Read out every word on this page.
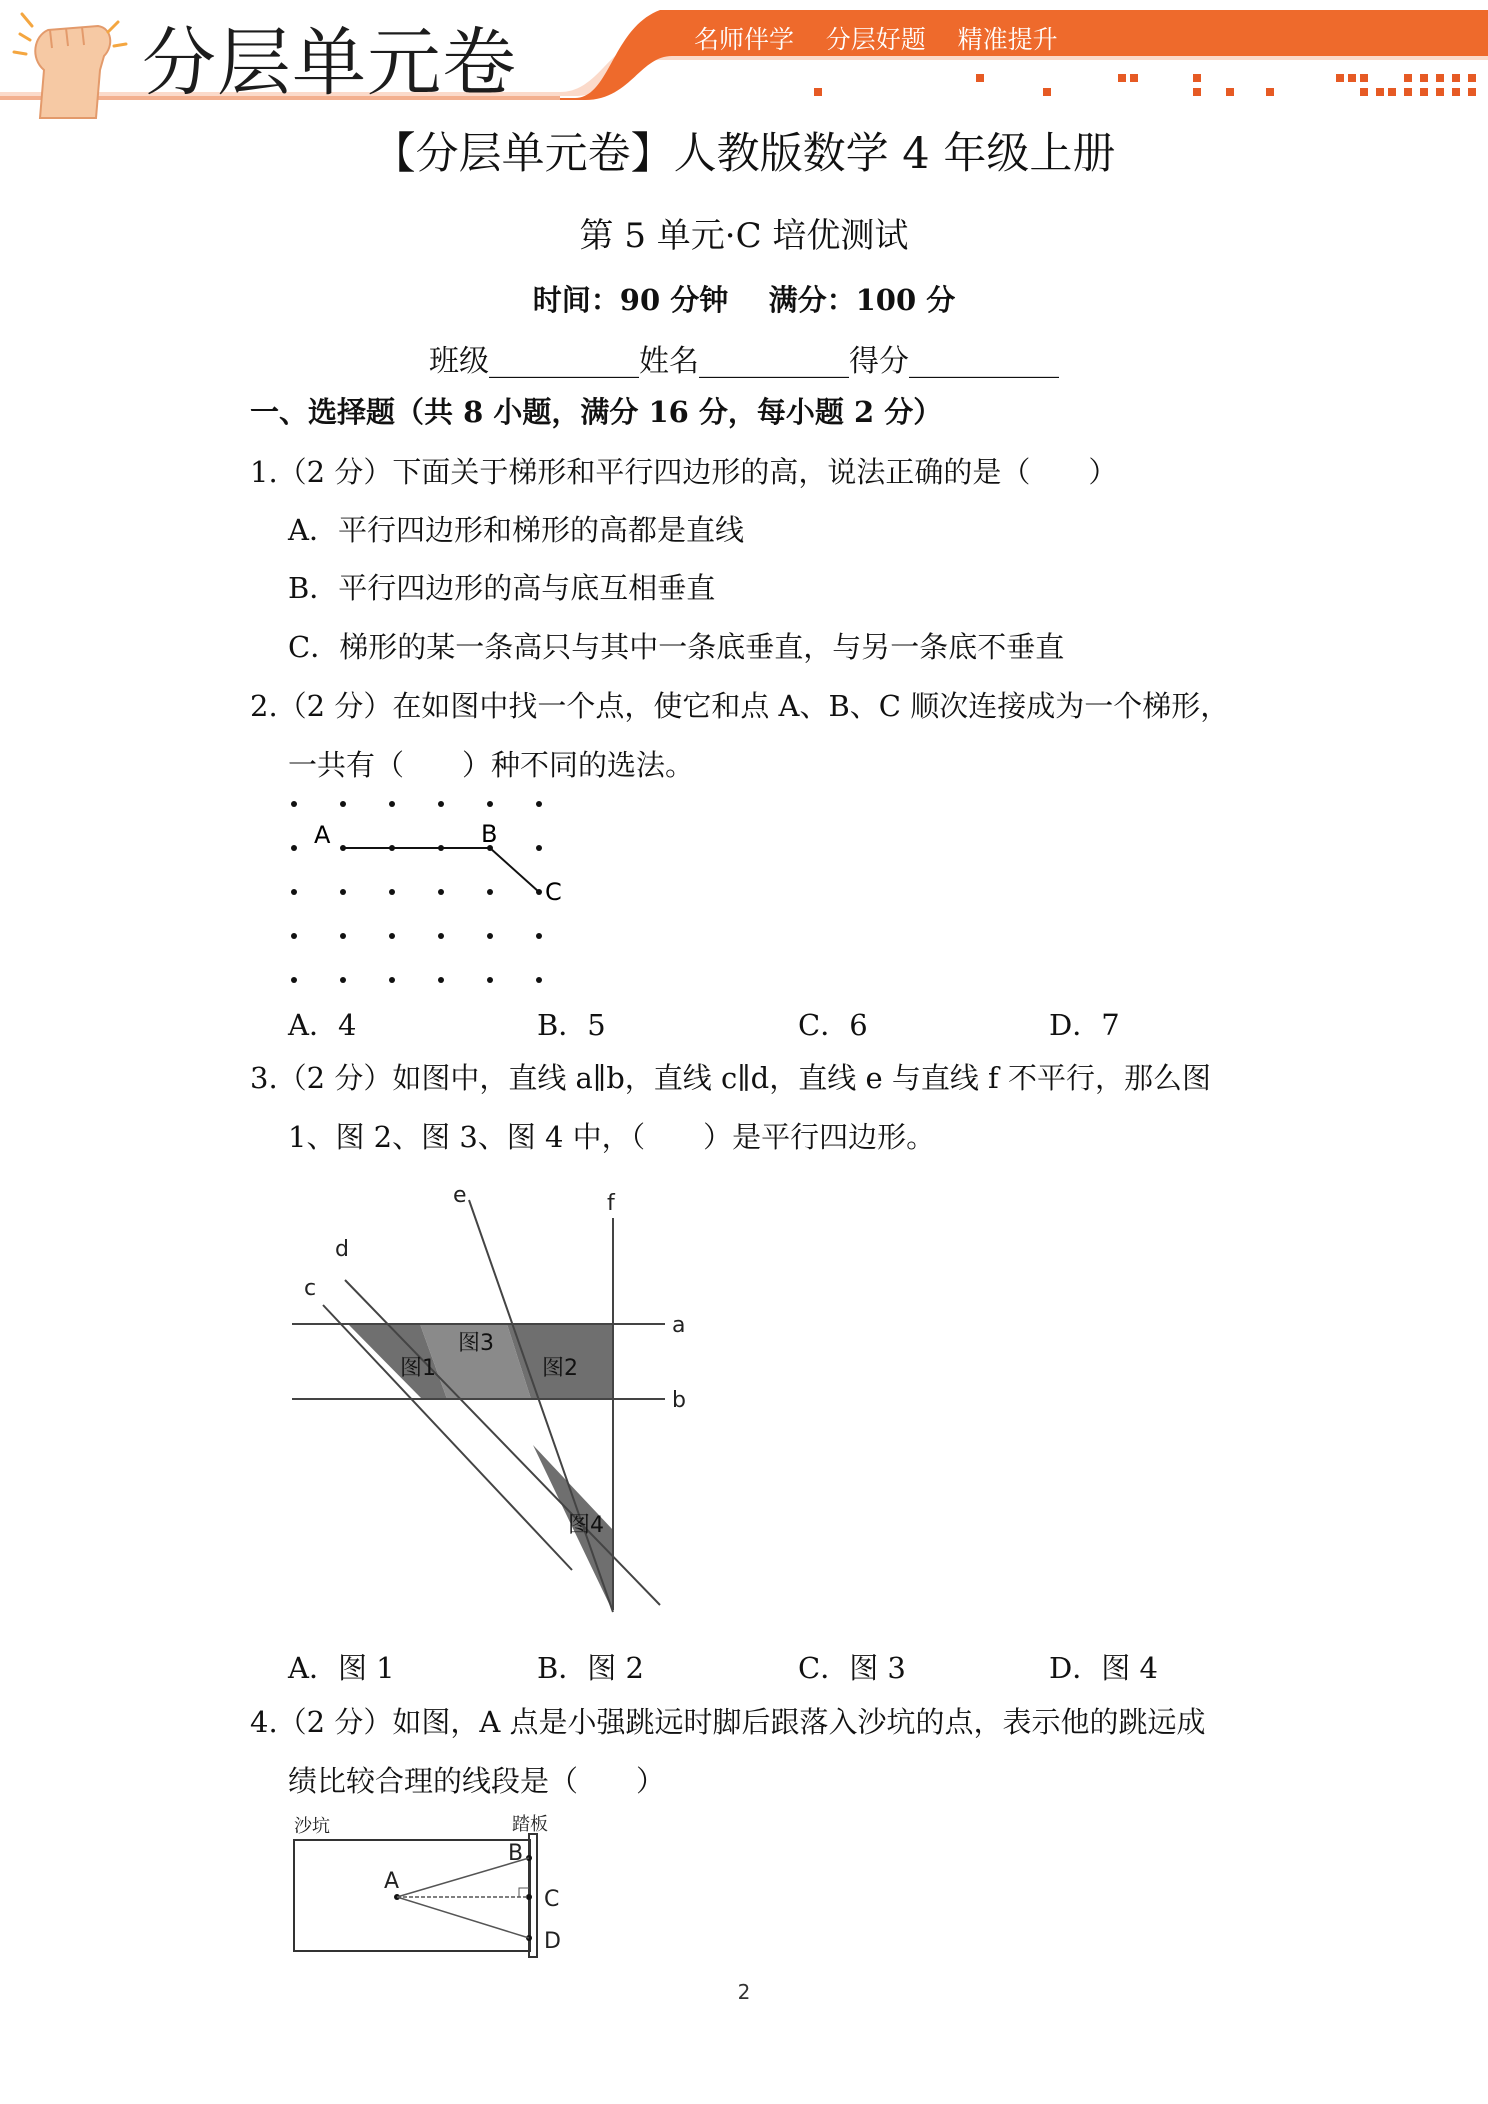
分层单元卷	名师伴学    分层好题    精准提升
【分层单元卷】人教版数学 4 年级上册
第 5 单元·C 培优测试
时间：90 分钟    满分：100 分
班级__________姓名__________得分__________
一、选择题（共 8 小题，满分 16 分，每小题 2 分）
1.（2 分）下面关于梯形和平行四边形的高，说法正确的是（　　）
A．平行四边形和梯形的高都是直线
B．平行四边形的高与底互相垂直
C．梯形的某一条高只与其中一条底垂直，与另一条底不垂直
2.（2 分）在如图中找一个点，使它和点 A、B、C 顺次连接成为一个梯形，
一共有（　　）种不同的选法。
A	B
C
A．4	B．5	C．6	D．7
3.（2 分）如图中，直线 a∥b，直线 c∥d，直线 e 与直线 f 不平行，那么图
1、图 2、图 3、图 4 中，（　　）是平行四边形。
e	f
d
c
a
b
图1	图2
图3
图4
A．图 1	B．图 2	C．图 3	D．图 4
4.（2 分）如图，A 点是小强跳远时脚后跟落入沙坑的点，表示他的跳远成
绩比较合理的线段是（　　）
沙坑	踏板
A
B
C
D
2
